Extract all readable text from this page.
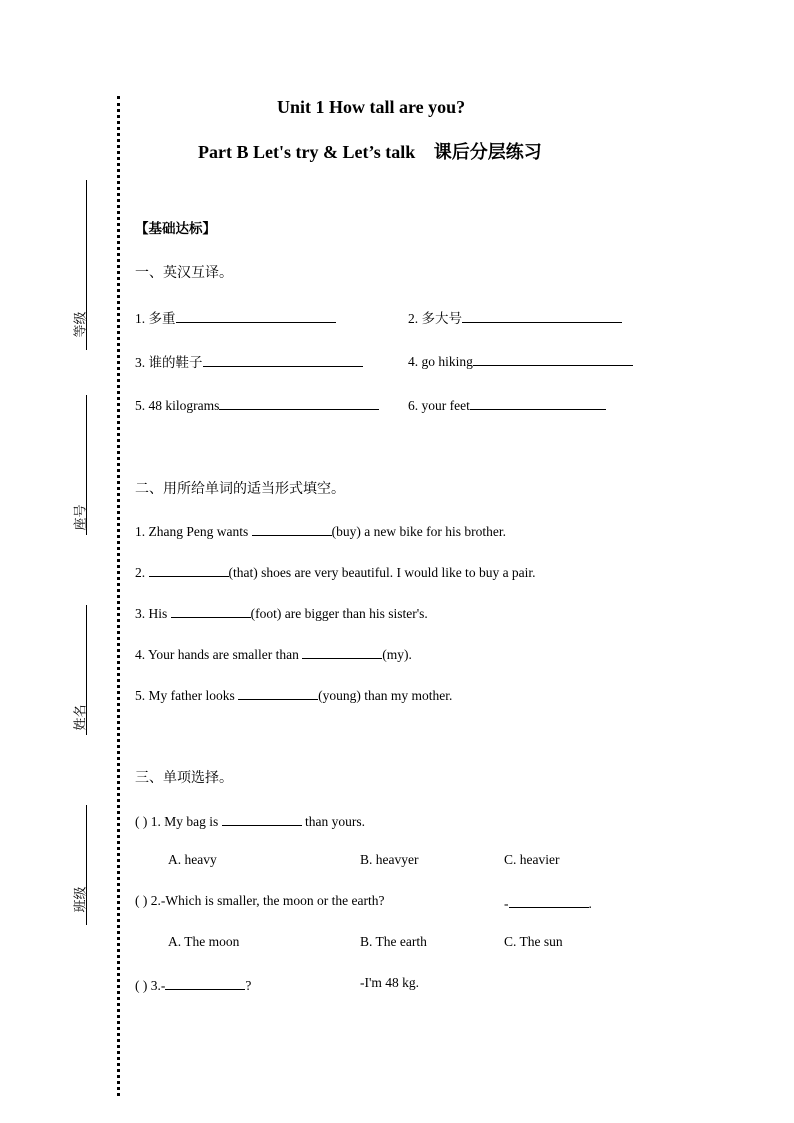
等级
座号
姓名
班级
Unit 1 How tall are you?
Part B Let's try & Let’s talk 课后分层练习
【基础达标】
一、英汉互译。
1. 多重	2. 多大号
3. 谁的鞋子	4. go hiking
5. 48 kilograms	6. your feet
二、用所给单词的适当形式填空。
1. Zhang Peng wants	(buy) a new bike for his brother.
2.	(that) shoes are very beautiful. I would like to buy a pair.
3. His	(foot) are bigger than his sister's.
4. Your hands are smaller than	(my).
5. My father looks	(young) than my mother.
三、单项选择。
( ) 1. My bag is	than yours.
A. heavy	B. heavyer	C. heavier
( ) 2.-Which is smaller, the moon or the earth?	-	.
A. The moon	B. The earth	C. The sun
( ) 3.-	?	-I'm 48 kg.
